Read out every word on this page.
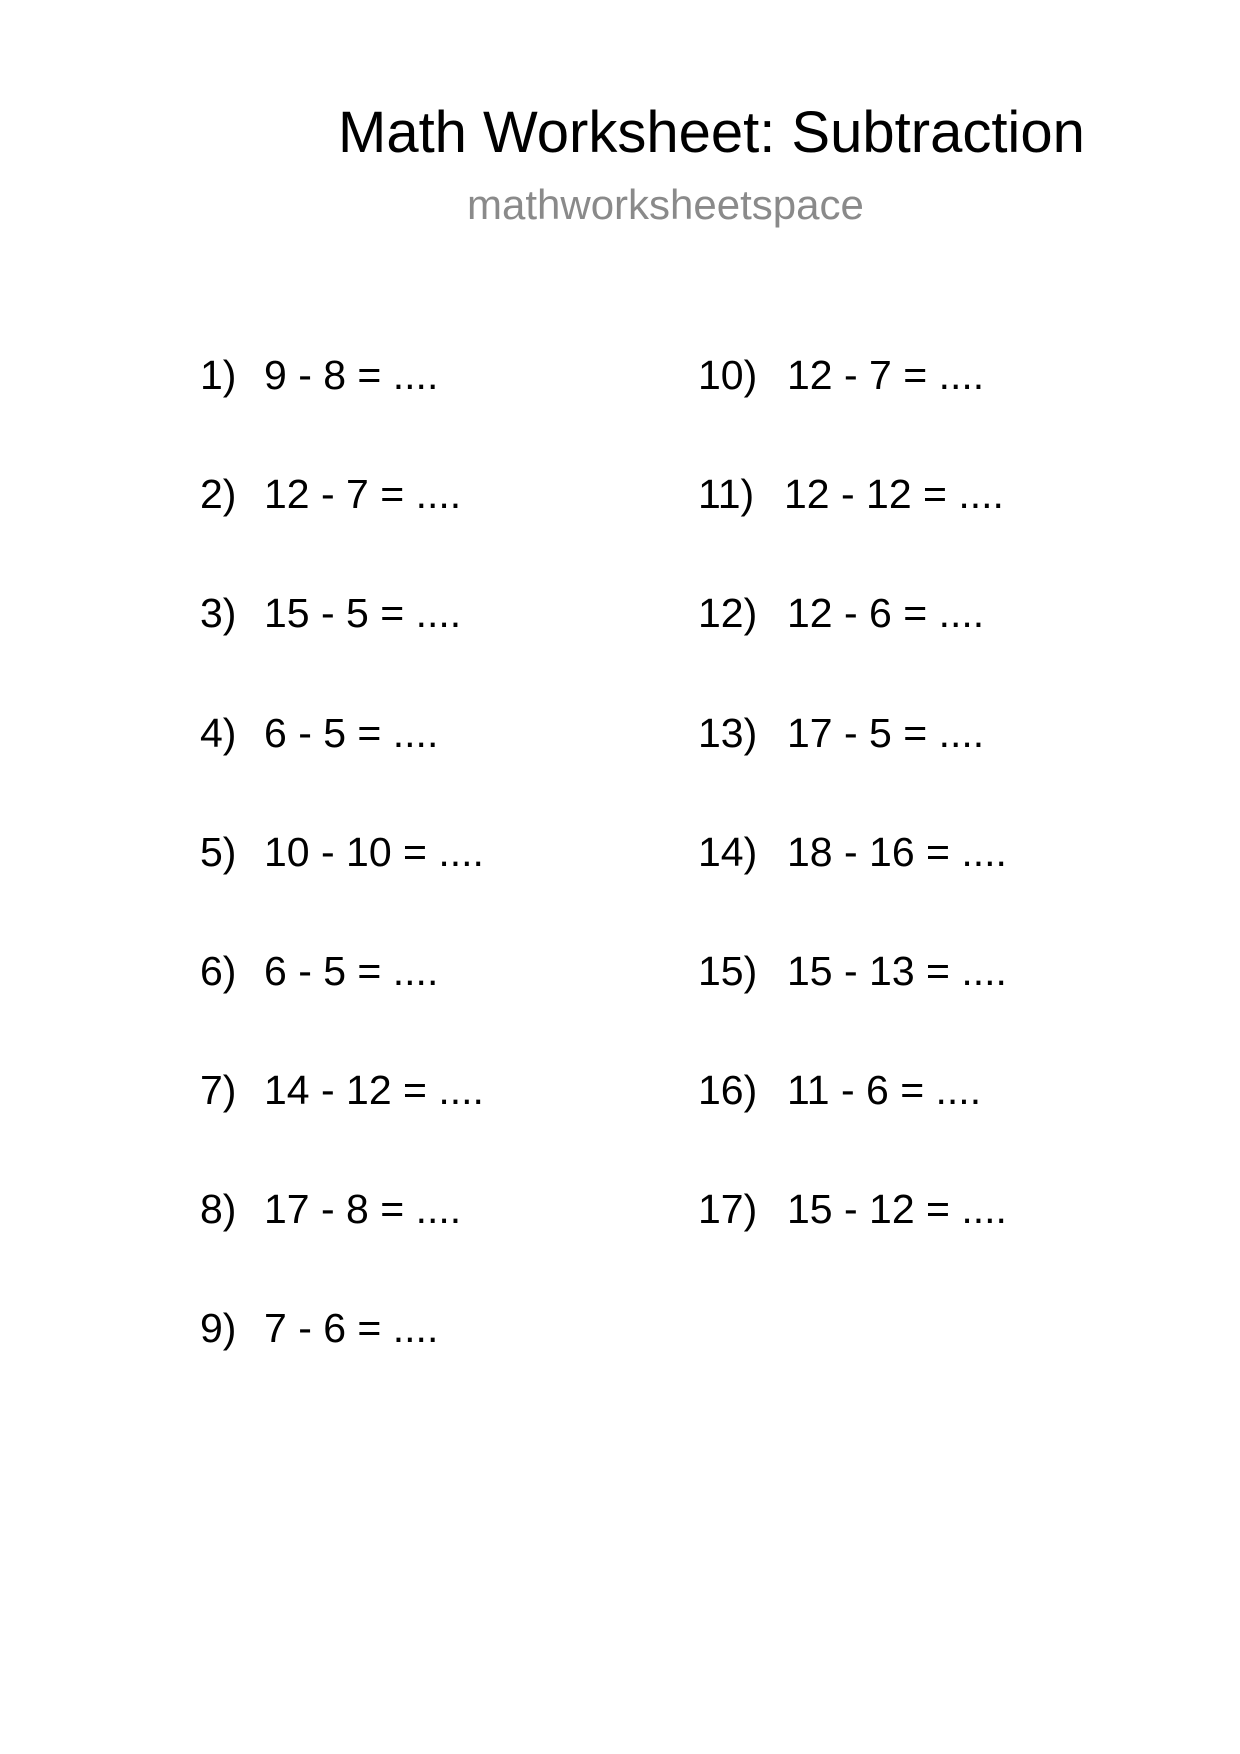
Math Worksheet: Subtraction
mathworksheetspace
1) 9 - 8 = ....
2) 12 - 7 = ....
3) 15 - 5 = ....
4) 6 - 5 = ....
5) 10 - 10 = ....
6) 6 - 5 = ....
7) 14 - 12 = ....
8) 17 - 8 = ....
9) 7 - 6 = ....
10) 12 - 7 = ....
11) 12 - 12 = ....
12) 12 - 6 = ....
13) 17 - 5 = ....
14) 18 - 16 = ....
15) 15 - 13 = ....
16) 11 - 6 = ....
17) 15 - 12 = ....
